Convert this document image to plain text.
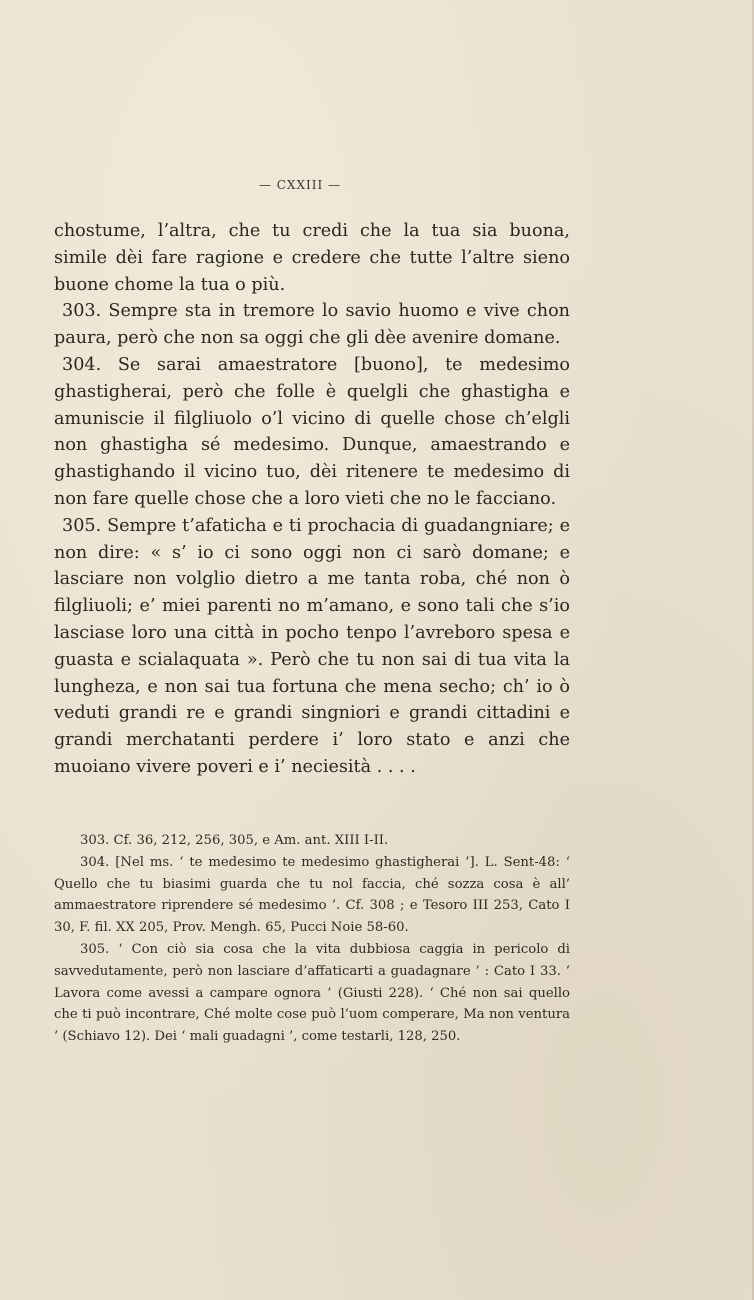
— CXXIII —

chostume, l’altra, che tu credi che la tua sia buona, simile dèi fare ragione e credere che tutte l’altre sieno buone chome la tua o più.

303. Sempre sta in tremore lo savio huomo e vive chon paura, però che non sa oggi che gli dèe avenire domane.

304. Se sarai amaestratore [buono], te medesimo ghastigherai, però che folle è quelgli che ghastigha e amuniscie il filgliuolo o’l vicino di quelle chose ch’elgli non ghastigha sé medesimo. Dunque, amaestrando e ghastighando il vicino tuo, dèi ritenere te medesimo di non fare quelle chose che a loro vieti che no le facciano.

305. Sempre t’afaticha e ti prochacia di guadangniare; e non dire: « s’ io ci sono oggi non ci sarò domane; e lasciare non volglio dietro a me tanta roba, ché non ò filgliuoli; e’ miei parenti no m’amano, e sono tali che s’io lasciase loro una città in pocho tenpo l’avreboro spesa e guasta e scialaquata ». Però che tu non sai di tua vita la lungheza, e non sai tua fortuna che mena secho; ch’ io ò veduti grandi re e grandi singniori e grandi cittadini e grandi merchatanti perdere i’ loro stato e anzi che muoiano vivere poveri e i’ neciesità . . . .

303. Cf. 36, 212, 256, 305, e Am. ant. XIII I-II.

304. [Nel ms. ‘ te medesimo te medesimo ghastigherai ’]. L. Sent-48: ‘ Quello che tu biasimi guarda che tu nol faccia, ché sozza cosa è all’ ammaestratore riprendere sé medesimo ’. Cf. 308 ; e Tesoro III 253, Cato I 30, F. fil. XX 205, Prov. Mengh. 65, Pucci Noie 58-60.

305. ‘ Con ciò sia cosa che la vita dubbiosa caggia in pericolo di savvedutamente, però non lasciare d’affaticarti a guadagnare ’ : Cato I 33. ‘ Lavora come avessi a campare ognora ’ (Giusti 228). ‘ Ché non sai quello che ti può incontrare, Ché molte cose può l’uom comperare, Ma non ventura ’ (Schiavo 12). Dei ‘ mali guadagni ’, come testarli, 128, 250.
